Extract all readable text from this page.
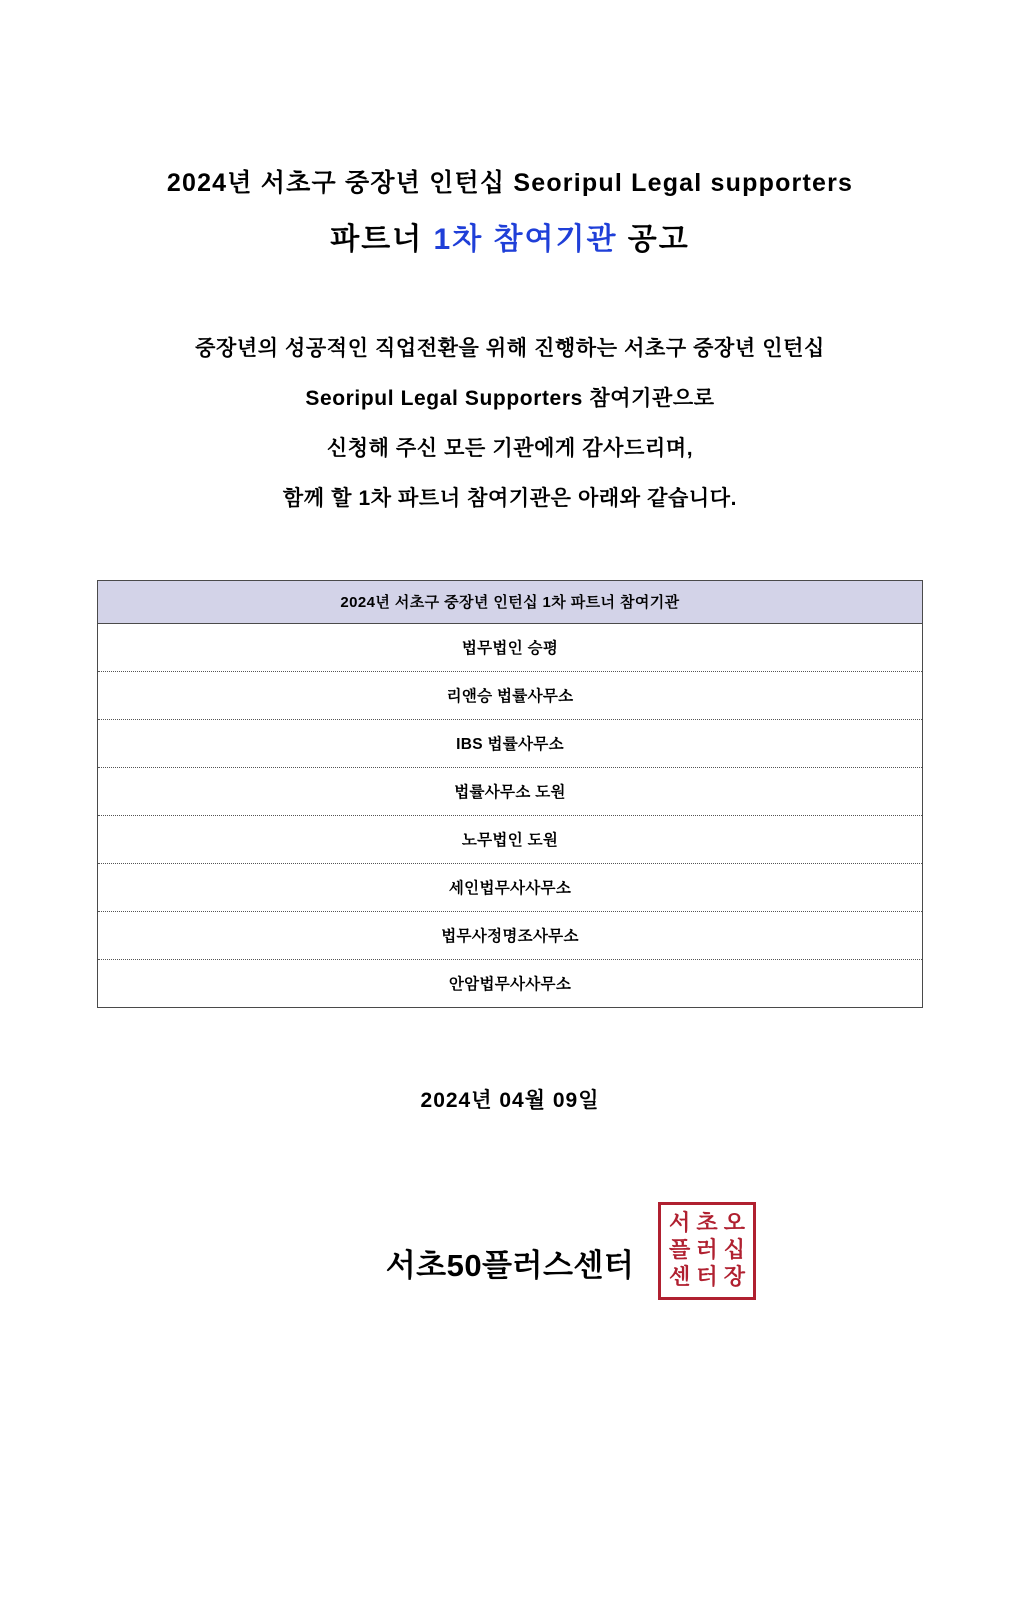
2024년 서초구 중장년 인턴십 Seoripul Legal supporters
파트너 1차 참여기관 공고
중장년의 성공적인 직업전환을 위해 진행하는 서초구 중장년 인턴십
Seoripul Legal Supporters 참여기관으로
신청해 주신 모든 기관에게 감사드리며,
함께 할 1차 파트너 참여기관은 아래와 같습니다.
2024년 서초구 중장년 인턴십 1차 파트너 참여기관
법무법인 승평
리앤승 법률사무소
IBS 법률사무소
법률사무소 도원
노무법인 도원
세인법무사사무소
법무사정명조사무소
안암법무사사무소
2024년 04월 09일
서초50플러스센터
서 초 오
플 러 십
센 터 장
